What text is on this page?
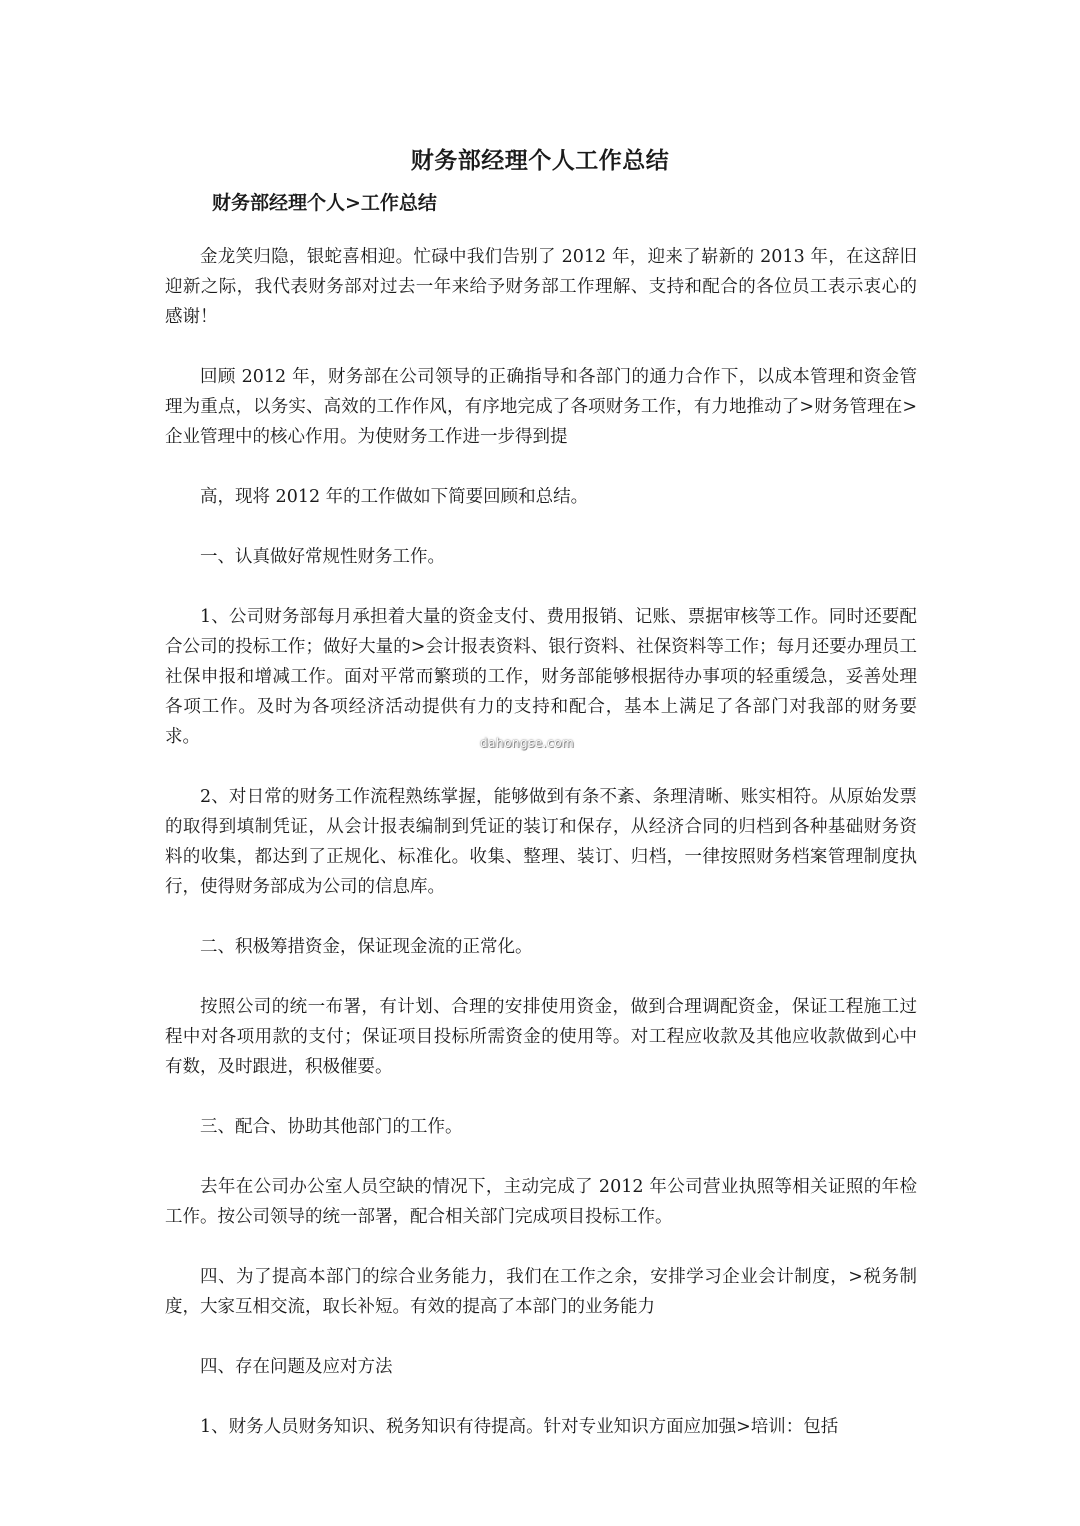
财务部经理个人工作总结
财务部经理个人>工作总结

金龙笑归隐，银蛇喜相迎。忙碌中我们告别了 2012 年，迎来了崭新的 2013 年，在这辞旧迎新之际，我代表财务部对过去一年来给予财务部工作理解、支持和配合的各位员工表示衷心的感谢！

回顾 2012 年，财务部在公司领导的正确指导和各部门的通力合作下，以成本管理和资金管理为重点，以务实、高效的工作作风，有序地完成了各项财务工作，有力地推动了>财务管理在>企业管理中的核心作用。为使财务工作进一步得到提

高，现将 2012 年的工作做如下简要回顾和总结。

一、认真做好常规性财务工作。

1、公司财务部每月承担着大量的资金支付、费用报销、记账、票据审核等工作。同时还要配合公司的投标工作；做好大量的>会计报表资料、银行资料、社保资料等工作；每月还要办理员工社保申报和增减工作。面对平常而繁琐的工作，财务部能够根据待办事项的轻重缓急，妥善处理各项工作。及时为各项经济活动提供有力的支持和配合，基本上满足了各部门对我部的财务要求。

2、对日常的财务工作流程熟练掌握，能够做到有条不紊、条理清晰、账实相符。从原始发票的取得到填制凭证，从会计报表编制到凭证的装订和保存，从经济合同的归档到各种基础财务资料的收集，都达到了正规化、标准化。收集、整理、装订、归档，一律按照财务档案管理制度执行，使得财务部成为公司的信息库。

二、积极筹措资金，保证现金流的正常化。

按照公司的统一布署，有计划、合理的安排使用资金，做到合理调配资金，保证工程施工过程中对各项用款的支付；保证项目投标所需资金的使用等。对工程应收款及其他应收款做到心中有数，及时跟进，积极催要。

三、配合、协助其他部门的工作。

去年在公司办公室人员空缺的情况下，主动完成了 2012 年公司营业执照等相关证照的年检工作。按公司领导的统一部署，配合相关部门完成项目投标工作。

四、为了提高本部门的综合业务能力，我们在工作之余，安排学习企业会计制度，>税务制度，大家互相交流，取长补短。有效的提高了本部门的业务能力

四、存在问题及应对方法

1、财务人员财务知识、税务知识有待提高。针对专业知识方面应加强>培训：包括

dahongse.com
